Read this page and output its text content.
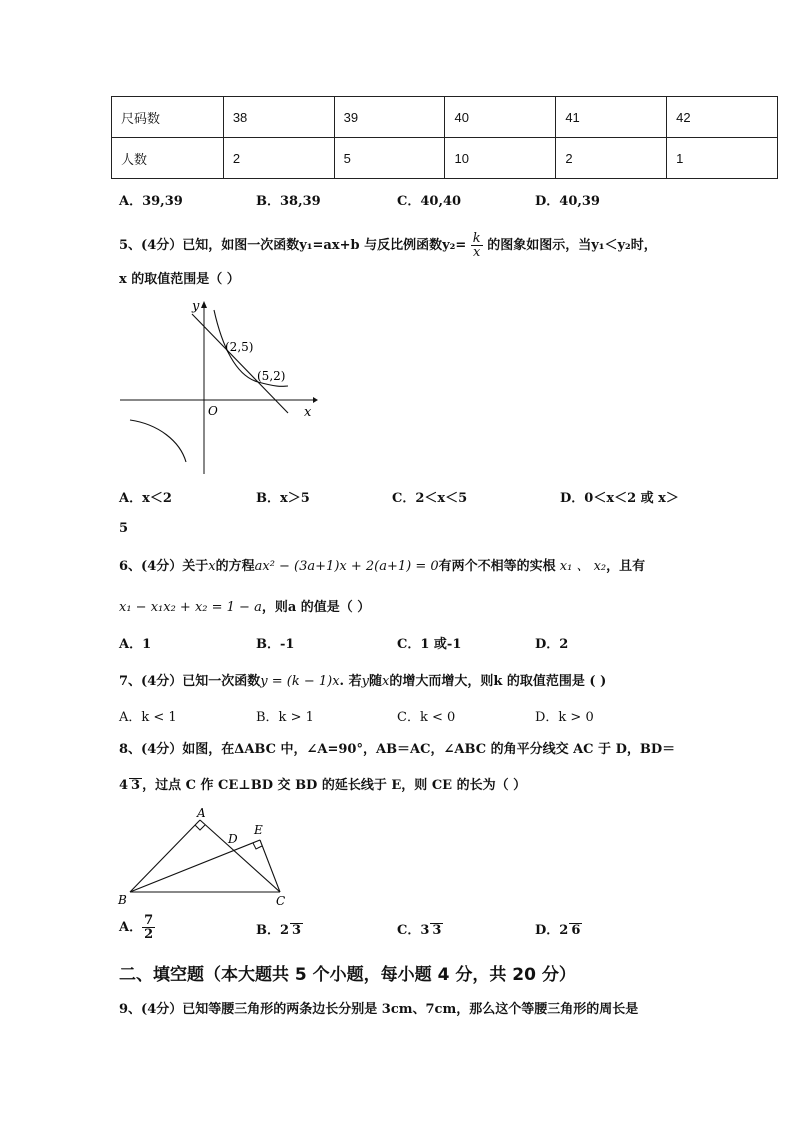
尺码数	38	39	40	41	42
人数	2	5	10	2	1
A．39,39	B．38,39	C．40,40	D．40,39
5、(4分）已知，如图一次函数y₁=ax+b 与反比例函数$y_2= \frac{k}{x}$ 的图象如图示，当y₁＜y₂时，
x 的取值范围是（ ）
y
x
O
(2,5)
(5,2)
A．x＜2	B．x＞5	C．2＜x＜5	D．0＜x＜2 或 x＞
5
6、(4分）关于x的方程ax² − (3a+1)x + 2(a+1) = 0有两个不相等的实根 x₁ 、 x₂，且有
x₁ − x₁x₂ + x₂ = 1 − a，则a 的值是（ ）
A．1	B．-1	C．1 或-1	D．2
7、(4分）已知一次函数y = (k − 1)x. 若y随x的增大而增大，则k 的取值范围是 ( )
A．k < 1	B．k > 1	C．k < 0	D．k > 0
8、(4分）如图，在ΔABC 中，∠A=90°，AB＝AC，∠ABC 的角平分线交 AC 于 D，BD＝
4 3 ，过点 C 作 CE⊥BD 交 BD 的延长线于 E，则 CE 的长为（ ）
A
B	C
D
E
A． $\frac{7}{2}$	B．2 3	C．3 3	D．2 6
二、填空题（本大题共 5 个小题，每小题 4 分，共 20 分）
9、(4分）已知等腰三角形的两条边长分别是 3cm、7cm，那么这个等腰三角形的周长是
